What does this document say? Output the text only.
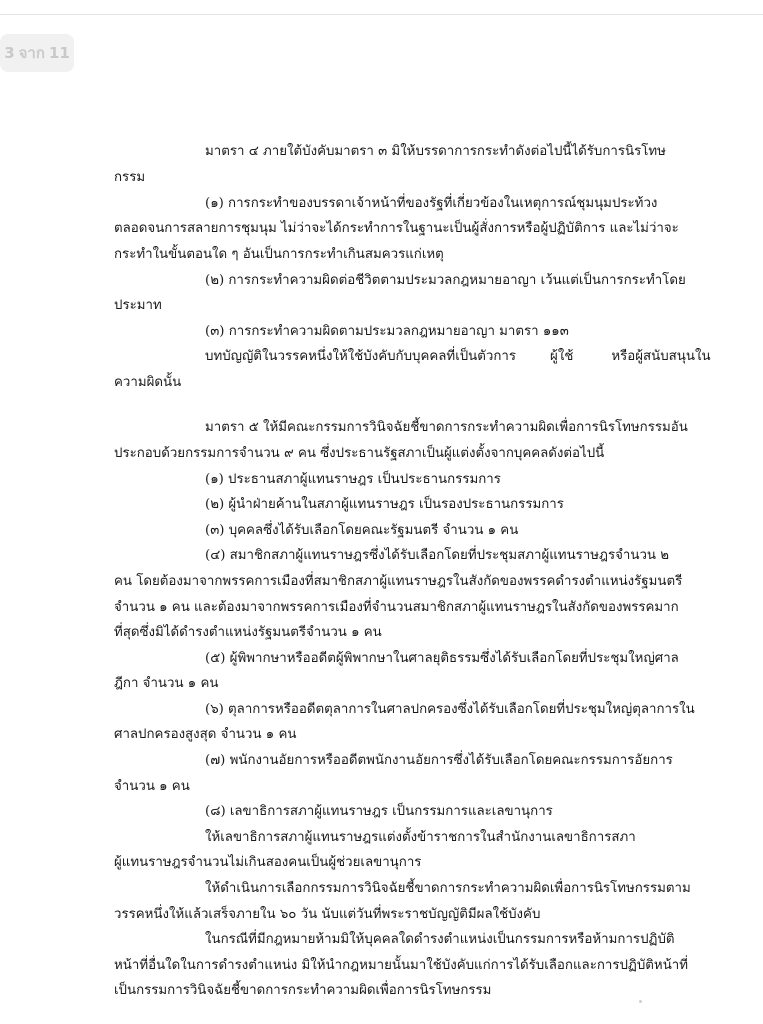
3 จาก 11
มาตรา ๔ ภายใต้บังคับมาตรา ๓ มิให้บรรดาการกระทำดังต่อไปนี้ได้รับการนิรโทษ
กรรม
(๑) การกระทำของบรรดาเจ้าหน้าที่ของรัฐที่เกี่ยวข้องในเหตุการณ์ชุมนุมประท้วง
ตลอดจนการสลายการชุมนุม ไม่ว่าจะได้กระทำการในฐานะเป็นผู้สั่งการหรือผู้ปฏิบัติการ และไม่ว่าจะ
กระทำในขั้นตอนใด ๆ อันเป็นการกระทำเกินสมควรแก่เหตุ
(๒) การกระทำความผิดต่อชีวิตตามประมวลกฎหมายอาญา เว้นแต่เป็นการกระทำโดย
ประมาท
(๓) การกระทำความผิดตามประมวลกฎหมายอาญา มาตรา ๑๑๓
บทบัญญัติในวรรคหนึ่งให้ใช้บังคับกับบุคคลที่เป็นตัวการ	ผู้ใช้	หรือผู้สนับสนุนใน
ความผิดนั้น
มาตรา ๕ ให้มีคณะกรรมการวินิจฉัยชี้ขาดการกระทำความผิดเพื่อการนิรโทษกรรมอัน
ประกอบด้วยกรรมการจำนวน ๙ คน ซึ่งประธานรัฐสภาเป็นผู้แต่งตั้งจากบุคคลดังต่อไปนี้
(๑) ประธานสภาผู้แทนราษฎร เป็นประธานกรรมการ
(๒) ผู้นำฝ่ายค้านในสภาผู้แทนราษฎร เป็นรองประธานกรรมการ
(๓) บุคคลซึ่งได้รับเลือกโดยคณะรัฐมนตรี จำนวน ๑ คน
(๔) สมาชิกสภาผู้แทนราษฎรซึ่งได้รับเลือกโดยที่ประชุมสภาผู้แทนราษฎรจำนวน ๒
คน โดยต้องมาจากพรรคการเมืองที่สมาชิกสภาผู้แทนราษฎรในสังกัดของพรรคดำรงตำแหน่งรัฐมนตรี
จำนวน ๑ คน และต้องมาจากพรรคการเมืองที่จำนวนสมาชิกสภาผู้แทนราษฎรในสังกัดของพรรคมาก
ที่สุดซึ่งมิได้ดำรงตำแหน่งรัฐมนตรีจำนวน ๑ คน
(๕) ผู้พิพากษาหรืออดีตผู้พิพากษาในศาลยุติธรรมซึ่งได้รับเลือกโดยที่ประชุมใหญ่ศาล
ฎีกา จำนวน ๑ คน
(๖) ตุลาการหรืออดีตตุลาการในศาลปกครองซึ่งได้รับเลือกโดยที่ประชุมใหญ่ตุลาการใน
ศาลปกครองสูงสุด จำนวน ๑ คน
(๗) พนักงานอัยการหรืออดีตพนักงานอัยการซึ่งได้รับเลือกโดยคณะกรรมการอัยการ
จำนวน ๑ คน
(๘) เลขาธิการสภาผู้แทนราษฎร เป็นกรรมการและเลขานุการ
ให้เลขาธิการสภาผู้แทนราษฎรแต่งตั้งข้าราชการในสำนักงานเลขาธิการสภา
ผู้แทนราษฎรจำนวนไม่เกินสองคนเป็นผู้ช่วยเลขานุการ
ให้ดำเนินการเลือกกรรมการวินิจฉัยชี้ขาดการกระทำความผิดเพื่อการนิรโทษกรรมตาม
วรรคหนึ่งให้แล้วเสร็จภายใน ๖๐ วัน นับแต่วันที่พระราชบัญญัติมีผลใช้บังคับ
ในกรณีที่มีกฎหมายห้ามมิให้บุคคลใดดำรงตำแหน่งเป็นกรรมการหรือห้ามการปฏิบัติ
หน้าที่อื่นใดในการดำรงตำแหน่ง มิให้นำกฎหมายนั้นมาใช้บังคับแก่การได้รับเลือกและการปฏิบัติหน้าที่
เป็นกรรมการวินิจฉัยชี้ขาดการกระทำความผิดเพื่อการนิรโทษกรรม
